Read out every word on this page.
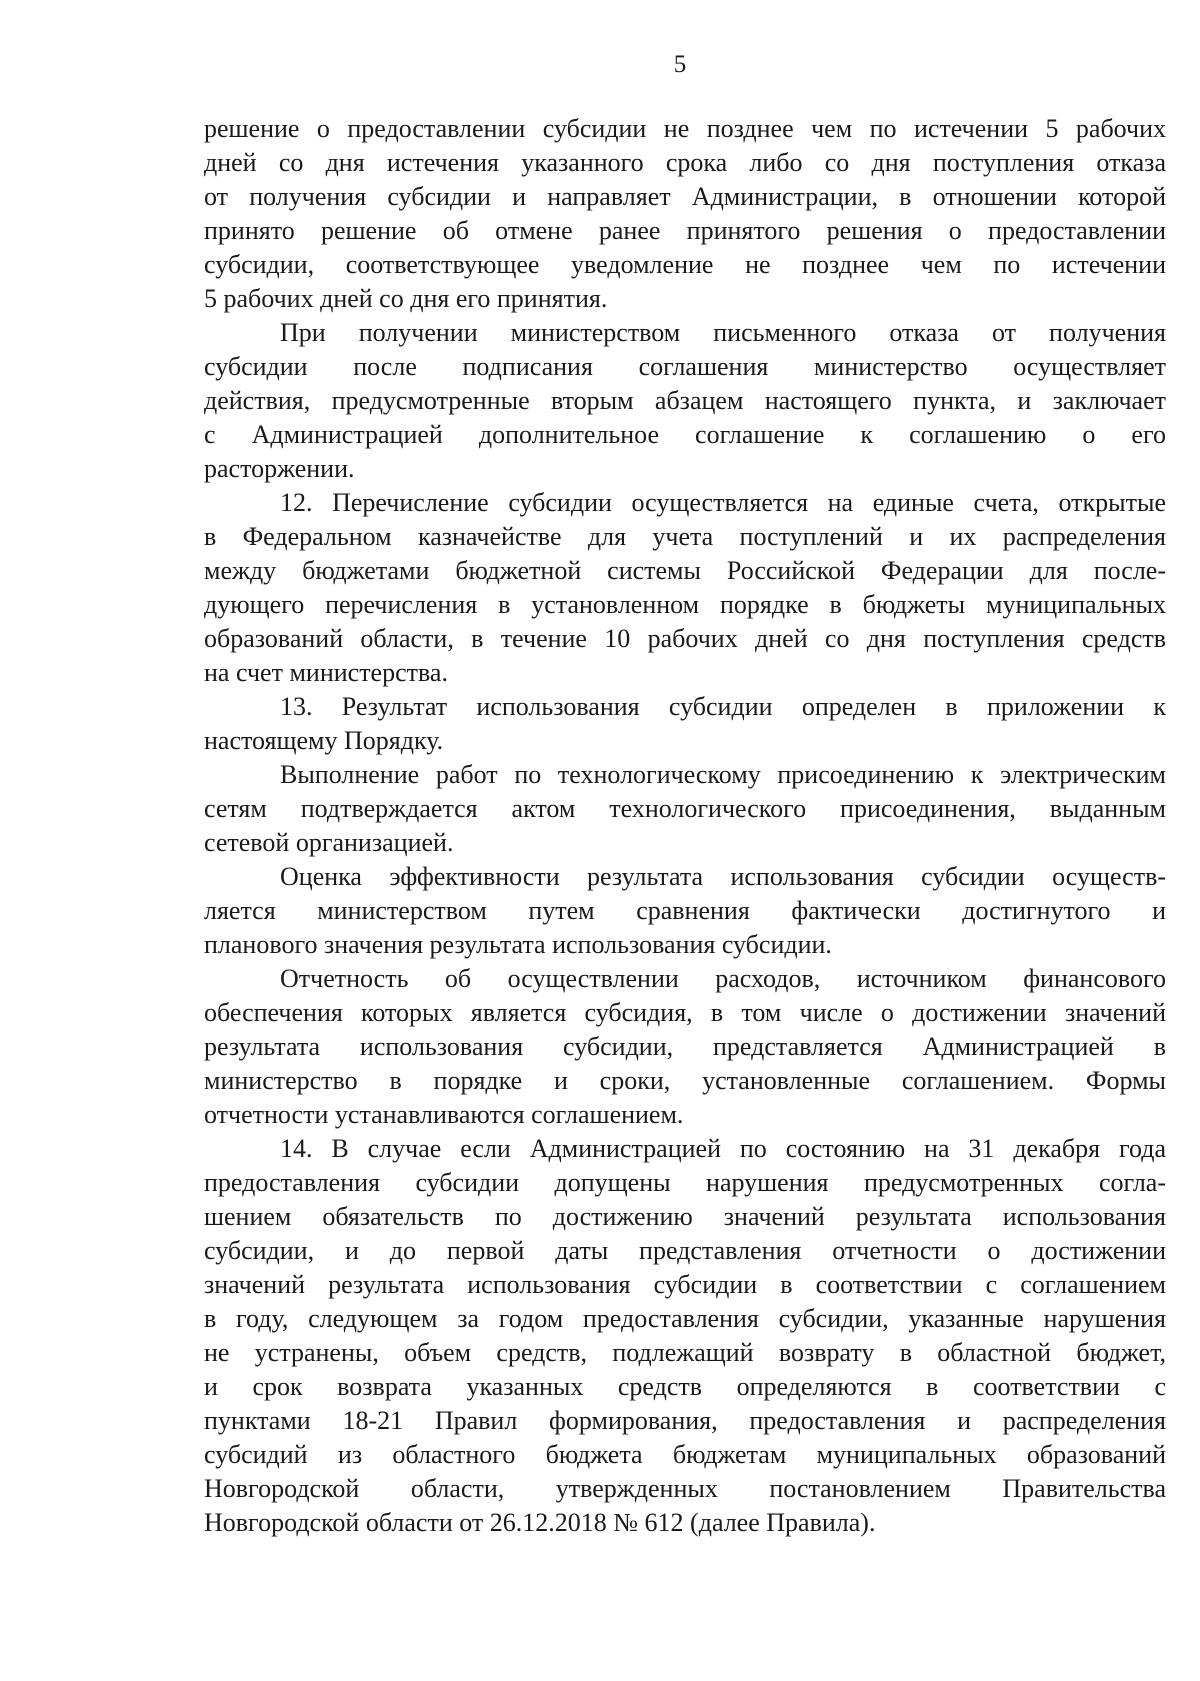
5
решение о предоставлении субсидии не позднее чем по истечении 5 рабочих
дней со дня истечения указанного срока либо со дня поступления отказа
от получения субсидии и направляет Администрации, в отношении которой
принято решение об отмене ранее принятого решения о предоставлении
субсидии, соответствующее уведомление не позднее чем по истечении
5 рабочих дней со дня его принятия.
При получении министерством письменного отказа от получения
субсидии после подписания соглашения министерство осуществляет
действия, предусмотренные вторым абзацем настоящего пункта, и заключает
с Администрацией дополнительное соглашение к соглашению о его
расторжении.
12. Перечисление субсидии осуществляется на единые счета, открытые
в Федеральном казначействе для учета поступлений и их распределения
между бюджетами бюджетной системы Российской Федерации для после-
дующего перечисления в установленном порядке в бюджеты муниципальных
образований области, в течение 10 рабочих дней со дня поступления средств
на счет министерства.
13. Результат использования субсидии определен в приложении к
настоящему Порядку.
Выполнение работ по технологическому присоединению к электрическим
сетям подтверждается актом технологического присоединения, выданным
сетевой организацией.
Оценка эффективности результата использования субсидии осуществ-
ляется министерством путем сравнения фактически достигнутого и
планового значения результата использования субсидии.
Отчетность об осуществлении расходов, источником финансового
обеспечения которых является субсидия, в том числе о достижении значений
результата использования субсидии, представляется Администрацией в
министерство в порядке и сроки, установленные соглашением. Формы
отчетности устанавливаются соглашением.
14. В случае если Администрацией по состоянию на 31 декабря года
предоставления субсидии допущены нарушения предусмотренных согла-
шением обязательств по достижению значений результата использования
субсидии, и до первой даты представления отчетности о достижении
значений результата использования субсидии в соответствии с соглашением
в году, следующем за годом предоставления субсидии, указанные нарушения
не устранены, объем средств, подлежащий возврату в областной бюджет,
и срок возврата указанных средств определяются в соответствии с
пунктами 18-21 Правил формирования, предоставления и распределения
субсидий из областного бюджета бюджетам муниципальных образований
Новгородской области, утвержденных постановлением Правительства
Новгородской области от 26.12.2018 № 612 (далее Правила).
